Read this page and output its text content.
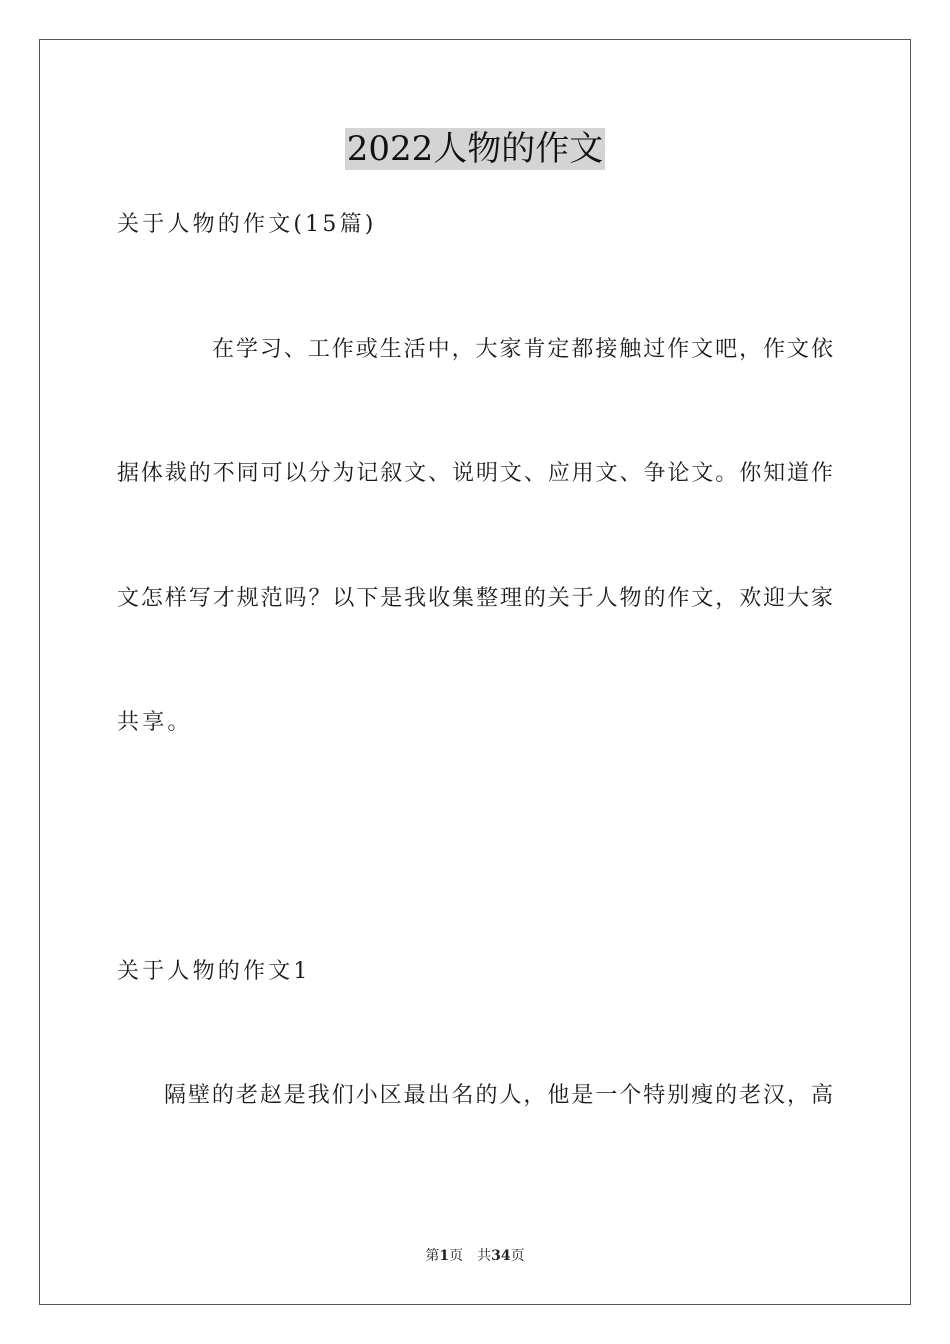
2022人物的作文
关于人物的作文(15篇)
在学习、工作或生活中，大家肯定都接触过作文吧，作文依
据体裁的不同可以分为记叙文、说明文、应用文、争论文。你知道作
文怎样写才规范吗？以下是我收集整理的关于人物的作文，欢迎大家
共享。
关于人物的作文1
隔壁的老赵是我们小区最出名的人，他是一个特别瘦的老汉，高
第1页 共34页
